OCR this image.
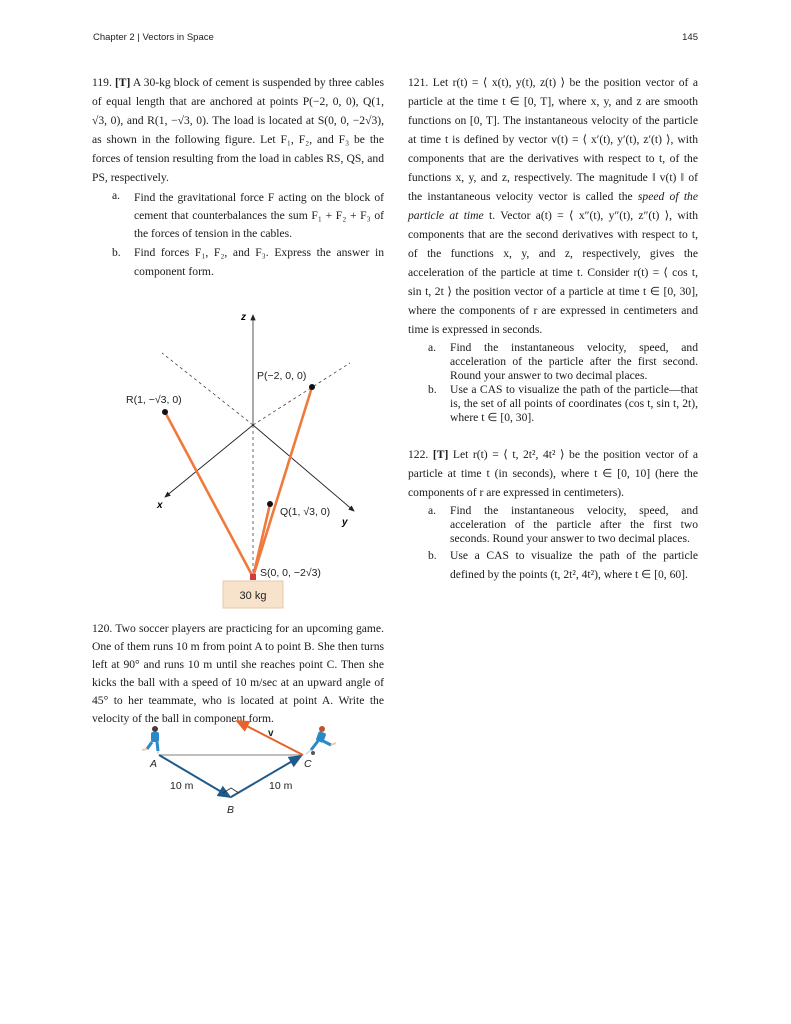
Chapter 2 | Vectors in Space	145

119. [T] A 30-kg block of cement is suspended by three cables of equal length that are anchored at points P(−2, 0, 0), Q(1, √3, 0), and R(1, −√3, 0). The load is located at S(0, 0, −2√3), as shown in the following figure. Let F₁, F₂, and F₃ be the forces of tension resulting from the load in cables RS, QS, and PS, respectively.

a.	Find the gravitational force F acting on the block of cement that counterbalances the sum F₁ + F₂ + F₃ of the forces of tension in the cables.
b.	Find forces F₁, F₂, and F₃. Express the answer in component form.
z
x
y
R(1, −√3, 0)
P(−2, 0, 0)
Q(1, √3, 0)
S(0, 0, −2√3)
30 kg

120. Two soccer players are practicing for an upcoming game. One of them runs 10 m from point A to point B. She then turns left at 90° and runs 10 m until she reaches point C. Then she kicks the ball with a speed of 10 m/sec at an upward angle of 45° to her teammate, who is located at point A. Write the velocity of the ball in component form.

v
A	C
B
10 m	10 m

121. Let r(t) = ⟨ x(t), y(t), z(t) ⟩ be the position vector of a particle at the time t ∈ [0, T], where x, y, and z are smooth functions on [0, T]. The instantaneous velocity of the particle at time t is defined by vector v(t) = ⟨ x′(t), y′(t), z′(t) ⟩, with components that are the derivatives with respect to t, of the functions x, y, and z, respectively. The magnitude ‖ v(t) ‖ of the instantaneous velocity vector is called the speed of the particle at time t. Vector a(t) = ⟨ x″(t), y″(t), z″(t) ⟩, with components that are the second derivatives with respect to t, of the functions x, y, and z, respectively, gives the acceleration of the particle at time t. Consider r(t) = ⟨ cos t, sin t, 2t ⟩ the position vector of a particle at time t ∈ [0, 30], where the components of r are expressed in centimeters and time is expressed in seconds.

a.	Find the instantaneous velocity, speed, and acceleration of the particle after the first second. Round your answer to two decimal places.
b.	Use a CAS to visualize the path of the particle—that is, the set of all points of coordinates (cos t, sin t, 2t), where t ∈ [0, 30].

122. [T] Let r(t) = ⟨ t, 2t², 4t² ⟩ be the position vector of a particle at time t (in seconds), where t ∈ [0, 10] (here the components of r are expressed in centimeters).

a.	Find the instantaneous velocity, speed, and acceleration of the particle after the first two seconds. Round your answer to two decimal places.
b.	Use a CAS to visualize the path of the particle defined by the points (t, 2t², 4t²), where t ∈ [0, 60].
